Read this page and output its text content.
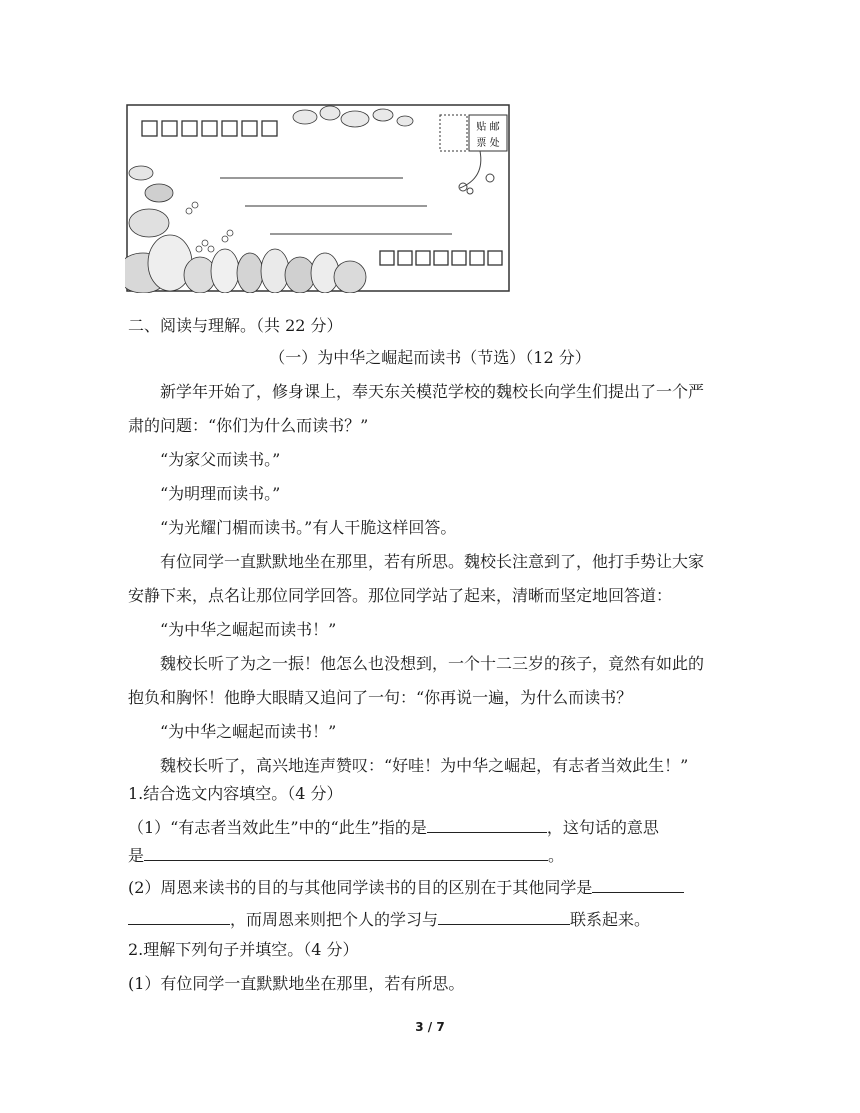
贴 邮
票 处
二、阅读与理解。（共 22 分）
（一）为中华之崛起而读书（节选）（12 分）
新学年开始了，修身课上，奉天东关模范学校的魏校长向学生们提出了一个严
肃的问题：“你们为什么而读书？”
“为家父而读书。”
“为明理而读书。”
“为光耀门楣而读书。”有人干脆这样回答。
有位同学一直默默地坐在那里，若有所思。魏校长注意到了，他打手势让大家
安静下来，点名让那位同学回答。那位同学站了起来，清晰而坚定地回答道：
“为中华之崛起而读书！”
魏校长听了为之一振！他怎么也没想到，一个十二三岁的孩子，竟然有如此的
抱负和胸怀！他睁大眼睛又追问了一句：“你再说一遍，为什么而读书？
“为中华之崛起而读书！”
魏校长听了，高兴地连声赞叹：“好哇！为中华之崛起，有志者当效此生！”
1.结合选文内容填空。（4 分）
（1）“有志者当效此生”中的“此生”指的是	，这句话的意思
是	。
(2）周恩来读书的目的与其他同学读书的目的区别在于其他同学是
，而周恩来则把个人的学习与	联系起来。
2.理解下列句子并填空。（4 分）
(1）有位同学一直默默地坐在那里，若有所思。
3 / 7
